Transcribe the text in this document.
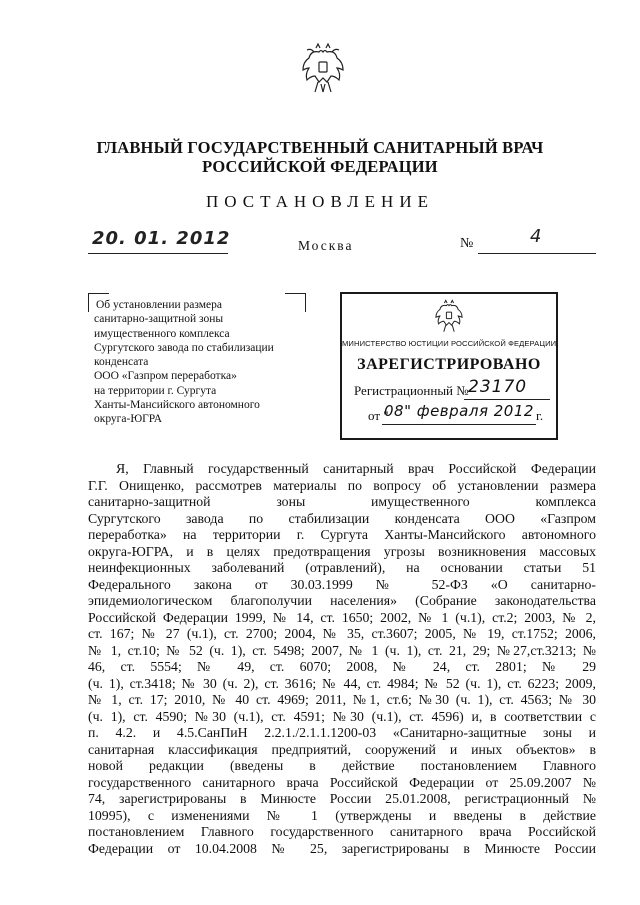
ГЛАВНЫЙ ГОСУДАРСТВЕННЫЙ САНИТАРНЫЙ ВРАЧ
РОССИЙСКОЙ ФЕДЕРАЦИИ
ПОСТАНОВЛЕНИЕ
20. 01. 2012	Москва	№	4
Об установлении размера
санитарно-защитной зоны
имущественного комплекса
Сургутского завода по стабилизации
конденсата
ООО «Газпром переработка»
на территории г. Сургута
Ханты-Мансийского автономного
округа-ЮГРА
МИНИСТЕРСТВО ЮСТИЦИИ РОССИЙСКОЙ ФЕДЕРАЦИИ
ЗАРЕГИСТРИРОВАНО
Регистрационный № 23170
от "
08" февраля 2012 г.
Я, Главный государственный санитарный врач Российской Федерации
Г.Г. Онищенко, рассмотрев материалы по вопросу об установлении размера
санитарно-защитной зоны имущественного комплекса
Сургутского завода по стабилизации конденсата ООО «Газпром
переработка» на территории г. Сургута Ханты-Мансийского автономного
округа-ЮГРА, и в целях предотвращения угрозы возникновения массовых
неинфекционных заболеваний (отравлений), на основании статьи 51
Федерального закона от 30.03.1999 № 52-ФЗ «О санитарно-
эпидемиологическом благополучии населения» (Собрание законодательства
Российской Федерации 1999, № 14, ст. 1650; 2002, № 1 (ч.1), ст.2; 2003, № 2,
ст. 167; № 27 (ч.1), ст. 2700; 2004, № 35, ст.3607; 2005, № 19, ст.1752; 2006,
№ 1, ст.10; № 52 (ч. 1), ст. 5498; 2007, № 1 (ч. 1), ст. 21, 29; №27,ст.3213; №
46, ст. 5554; № 49, ст. 6070; 2008, № 24, ст. 2801; № 29
(ч. 1), ст.3418; № 30 (ч. 2), ст. 3616; № 44, ст. 4984; № 52 (ч. 1), ст. 6223; 2009,
№ 1, ст. 17; 2010, № 40 ст. 4969; 2011, №1, ст.6; №30 (ч. 1), ст. 4563; № 30
(ч. 1), ст. 4590; №30 (ч.1), ст. 4591; №30 (ч.1), ст. 4596) и, в соответствии с
п. 4.2. и 4.5.СанПиН 2.2.1./2.1.1.1200-03 «Санитарно-защитные зоны и
санитарная классификация предприятий, сооружений и иных объектов» в
новой редакции (введены в действие постановлением Главного
государственного санитарного врача Российской Федерации от 25.09.2007 №
74, зарегистрированы в Минюсте России 25.01.2008, регистрационный №
10995), с изменениями № 1 (утверждены и введены в действие
постановлением Главного государственного санитарного врача Российской
Федерации от 10.04.2008 № 25, зарегистрированы в Минюсте России
